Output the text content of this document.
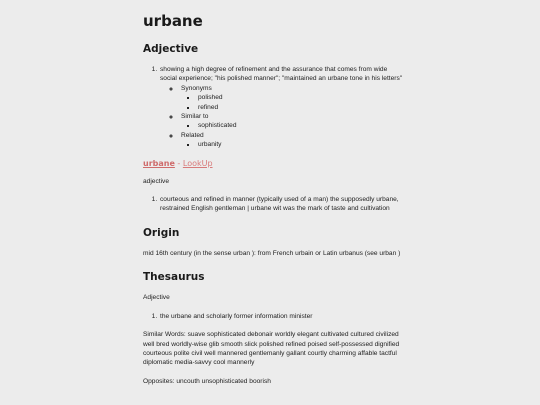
urbane
Adjective
1. showing a high degree of refinement and the assurance that comes from wide social experience; "his polished manner"; "maintained an urbane tone in his letters"
◦ Synonyms
▪ polished
▪ refined
◦ Similar to
▪ sophisticated
◦ Related
▪ urbanity

urbane - LookUp

adjective

1. courteous and refined in manner (typically used of a man) the supposedly urbane, restrained English gentleman | urbane wit was the mark of taste and cultivation
Origin

mid 16th century (in the sense urban ): from French urbain or Latin urbanus (see urban )

Thesaurus

Adjective

1. the urbane and scholarly former information minister

Similar Words: suave sophisticated debonair worldly elegant cultivated cultured civilized well bred worldly-wise glib smooth slick polished refined poised self-possessed dignified courteous polite civil well mannered gentlemanly gallant courtly charming affable tactful diplomatic media-savvy cool mannerly

Opposites: uncouth unsophisticated boorish
